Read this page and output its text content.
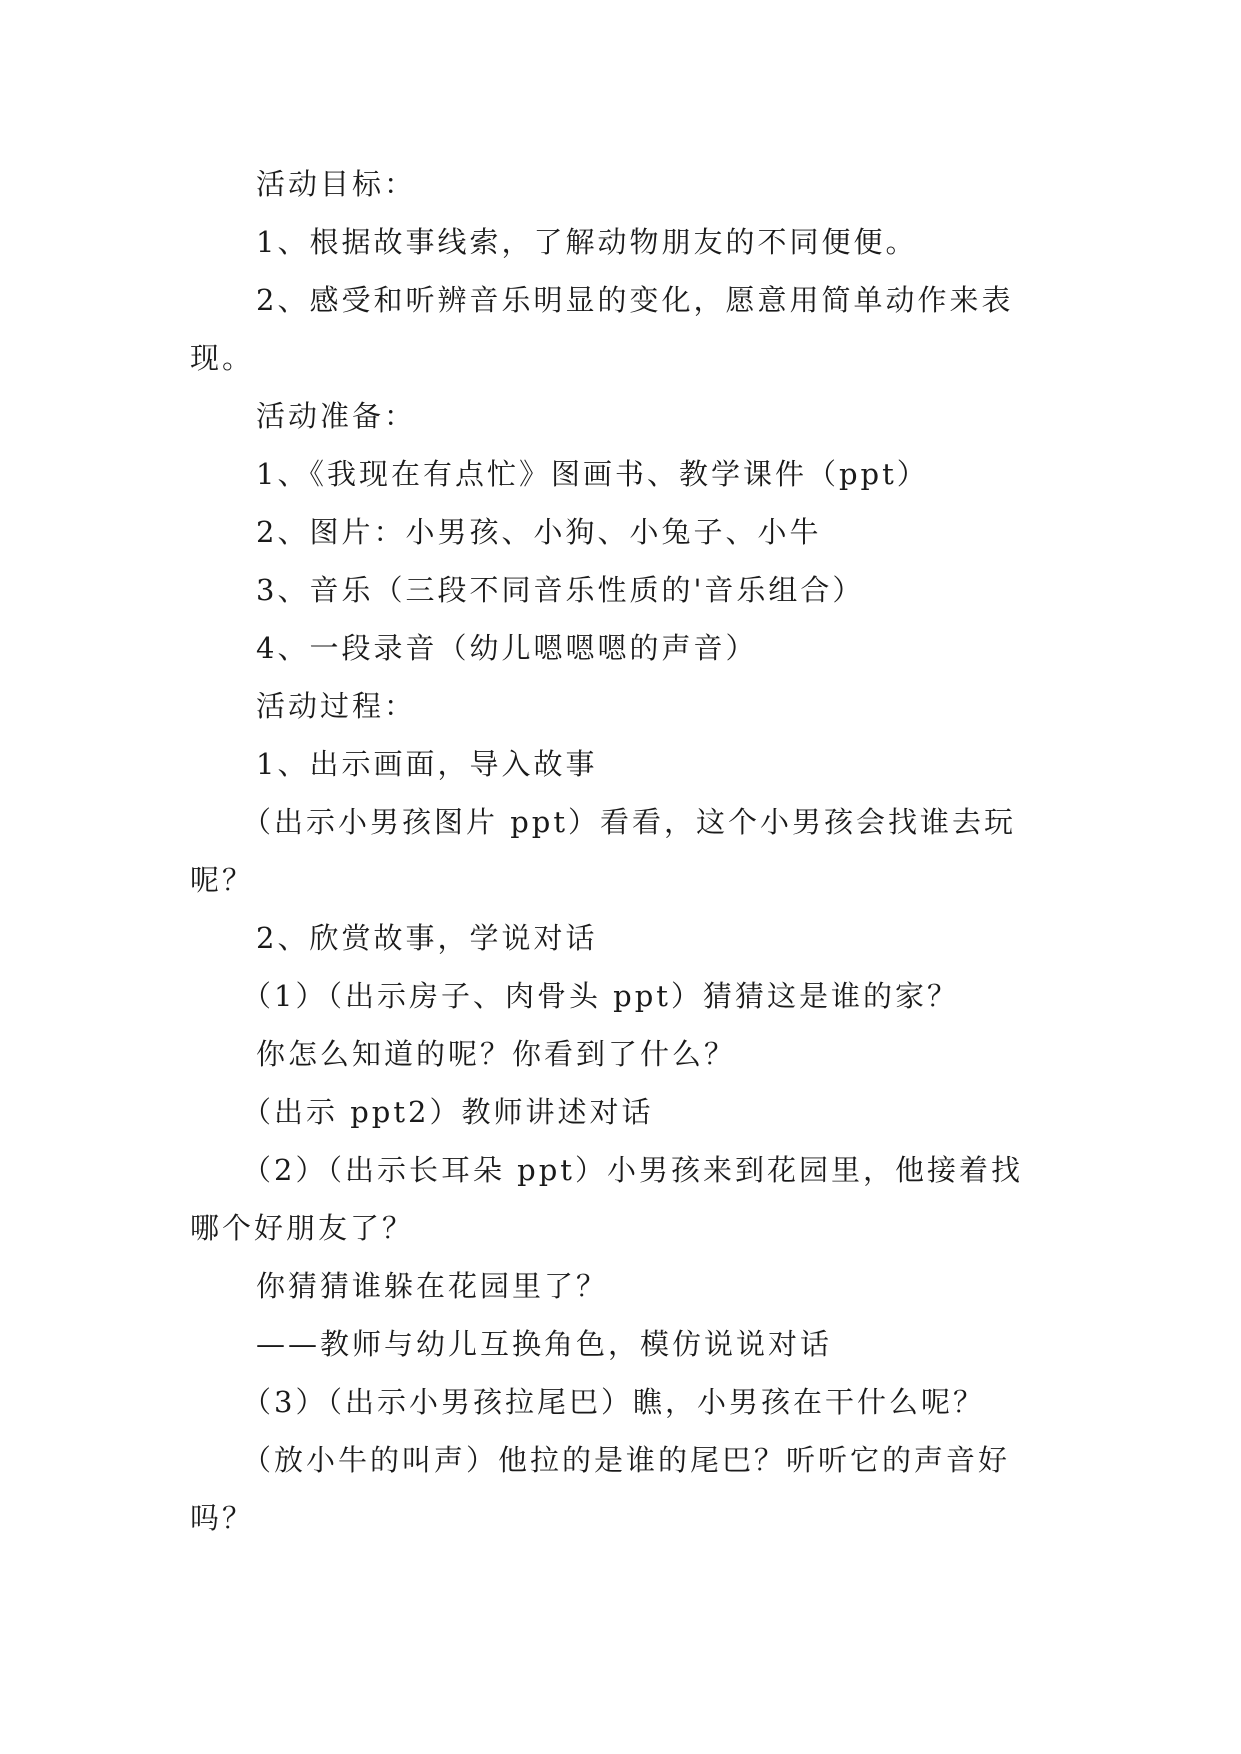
活动目标：

1、根据故事线索，了解动物朋友的不同便便。

2、感受和听辨音乐明显的变化，愿意用简单动作来表

现。

活动准备：

1、《我现在有点忙》图画书、教学课件（ppt）

2、图片：小男孩、小狗、小兔子、小牛

3、音乐（三段不同音乐性质的'音乐组合）

4、一段录音（幼儿嗯嗯嗯的声音）

活动过程：

1、出示画面，导入故事

（出示小男孩图片 ppt）看看，这个小男孩会找谁去玩

呢？

2、欣赏故事，学说对话

（1）（出示房子、肉骨头 ppt）猜猜这是谁的家？

你怎么知道的呢？你看到了什么？

（出示 ppt2）教师讲述对话

（2）（出示长耳朵 ppt）小男孩来到花园里，他接着找

哪个好朋友了？

你猜猜谁躲在花园里了？

——教师与幼儿互换角色，模仿说说对话

（3）（出示小男孩拉尾巴）瞧，小男孩在干什么呢？

（放小牛的叫声）他拉的是谁的尾巴？听听它的声音好

吗？
